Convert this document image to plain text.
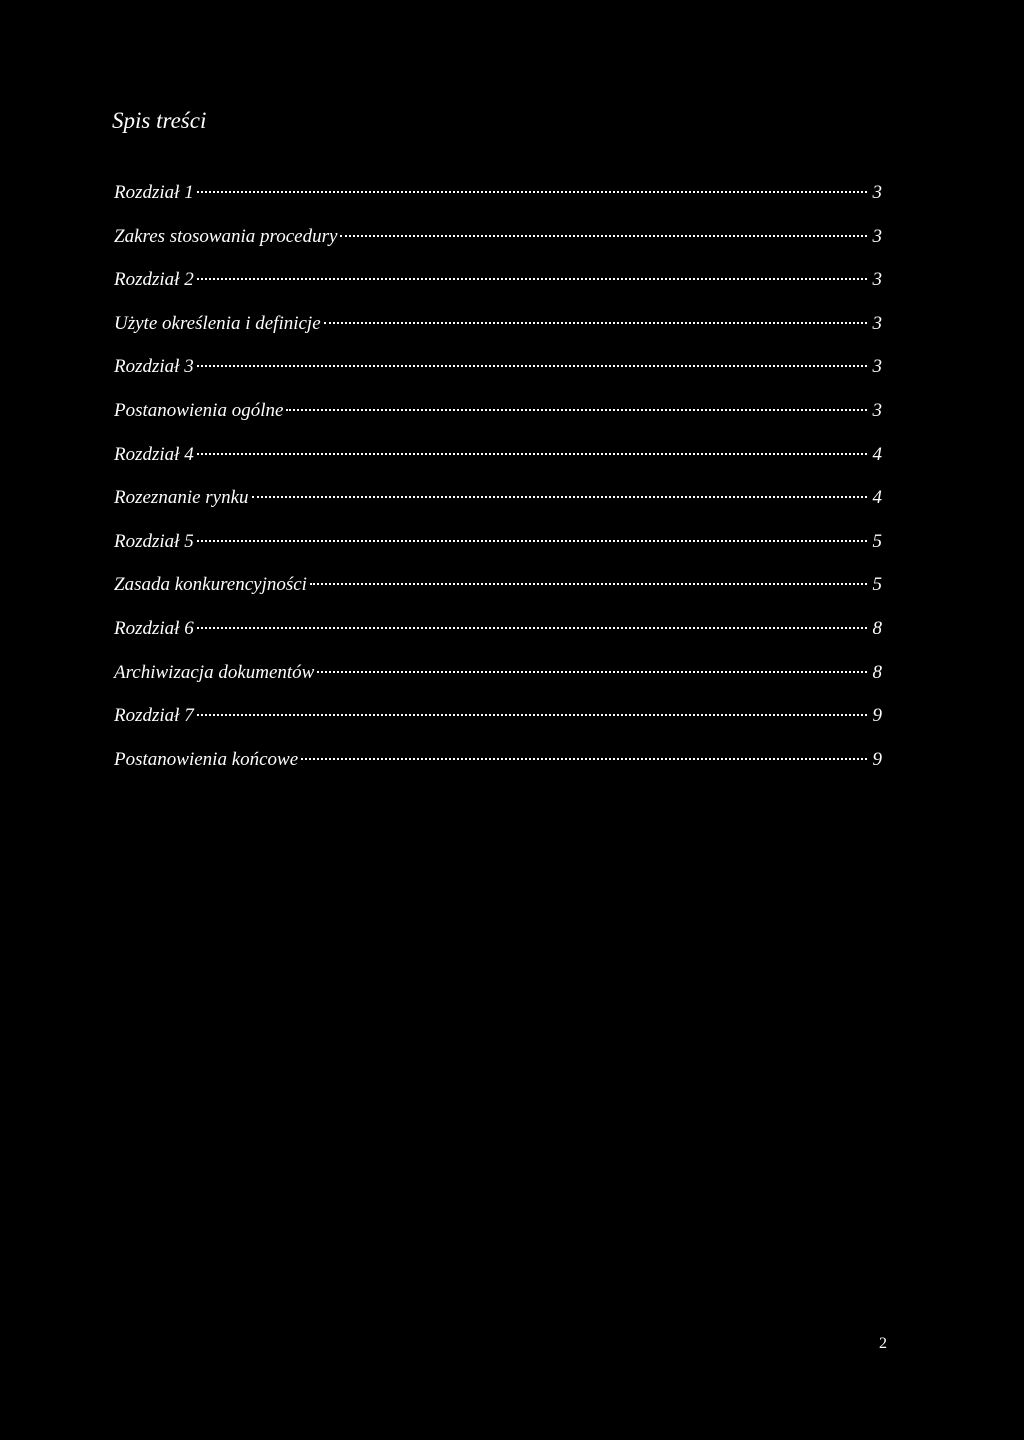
Spis treści
Rozdział 1	3
Zakres stosowania procedury	3
Rozdział 2	3
Użyte określenia i definicje	3
Rozdział 3	3
Postanowienia ogólne	3
Rozdział 4	4
Rozeznanie rynku	4
Rozdział 5	5
Zasada konkurencyjności	5
Rozdział 6	8
Archiwizacja dokumentów	8
Rozdział 7	9
Postanowienia końcowe	9
2
